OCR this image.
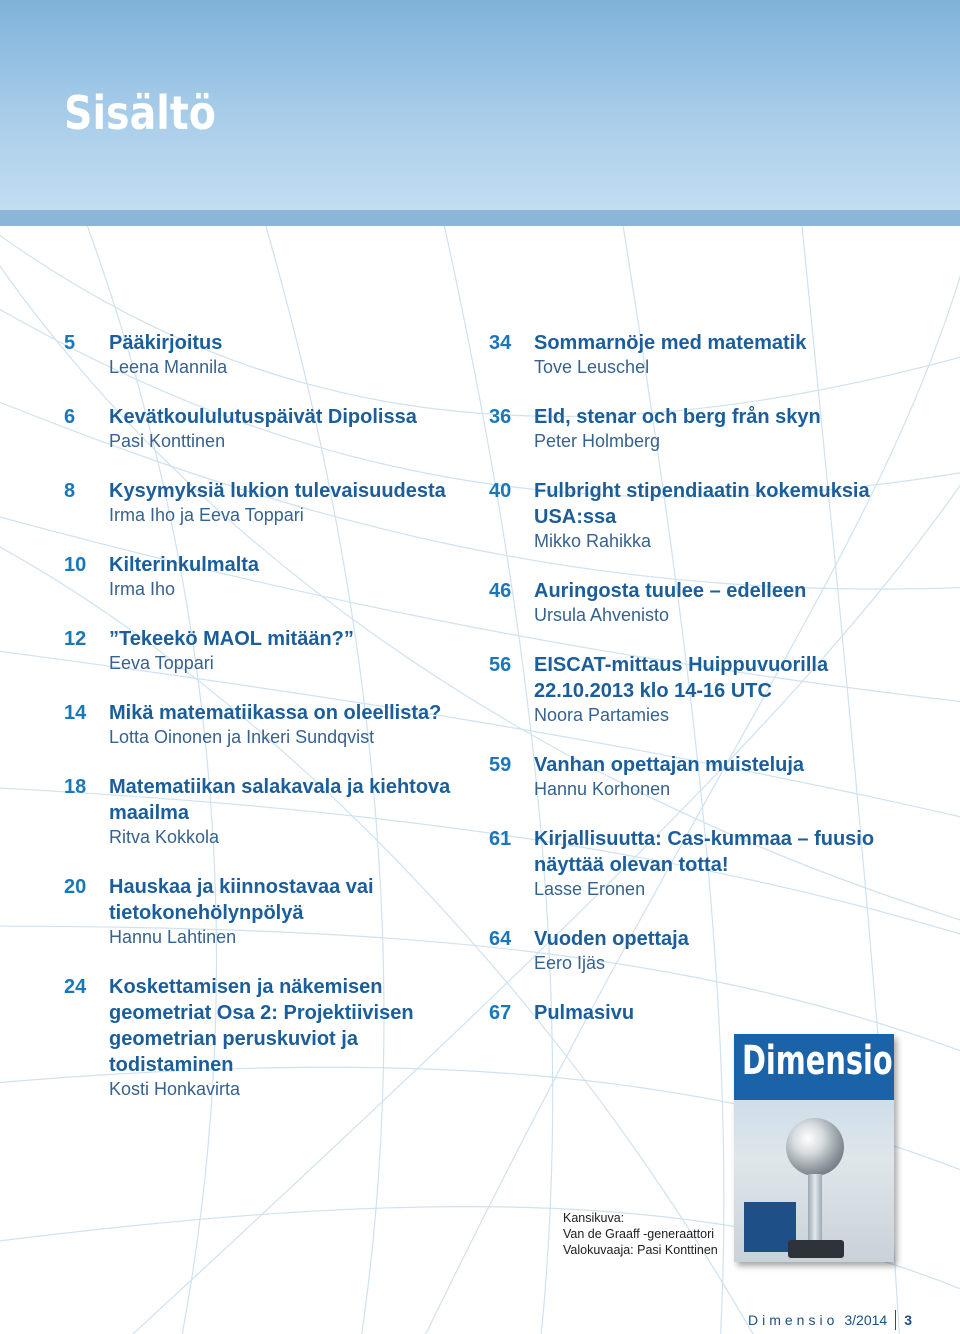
Sisältö
5	Pääkirjoitus

Leena Mannila

6	Kevätkoululutuspäivät Dipolissa

Pasi Konttinen

8	Kysymyksiä lukion tulevaisuudesta

Irma Iho ja Eeva Toppari

10	Kilterinkulmalta

Irma Iho

12	”Tekeekö MAOL mitään?”

Eeva Toppari

14	Mikä matematiikassa on oleellista?

Lotta Oinonen ja Inkeri Sundqvist

18	Matematiikan salakavala ja kiehtova maailma

Ritva Kokkola

20	Hauskaa ja kiinnostavaa vai tietokonehölynpölyä

Hannu Lahtinen

24	Koskettamisen ja näkemisen geometriat Osa 2: Projektiivisen geometrian peruskuviot ja todistaminen

Kosti Honkavirta

34	Sommarnöje med matematik

Tove Leuschel

36	Eld, stenar och berg från skyn

Peter Holmberg

40	Fulbright stipendiaatin kokemuksia USA:ssa

Mikko Rahikka

46	Auringosta tuulee – edelleen

Ursula Ahvenisto

56	EISCAT-mittaus Huippuvuorilla 22.10.2013 klo 14-16 UTC

Noora Partamies

59	Vanhan opettajan muisteluja

Hannu Korhonen

61	Kirjallisuutta: Cas-kummaa – fuusio näyttää olevan totta!

Lasse Eronen

64	Vuoden opettaja

Eero Ijäs

67	Pulmasivu

Dimensio

Kansikuva:
Van de Graaff -generaattori
Valokuvaaja: Pasi Konttinen
Dimensio 3/2014 3
